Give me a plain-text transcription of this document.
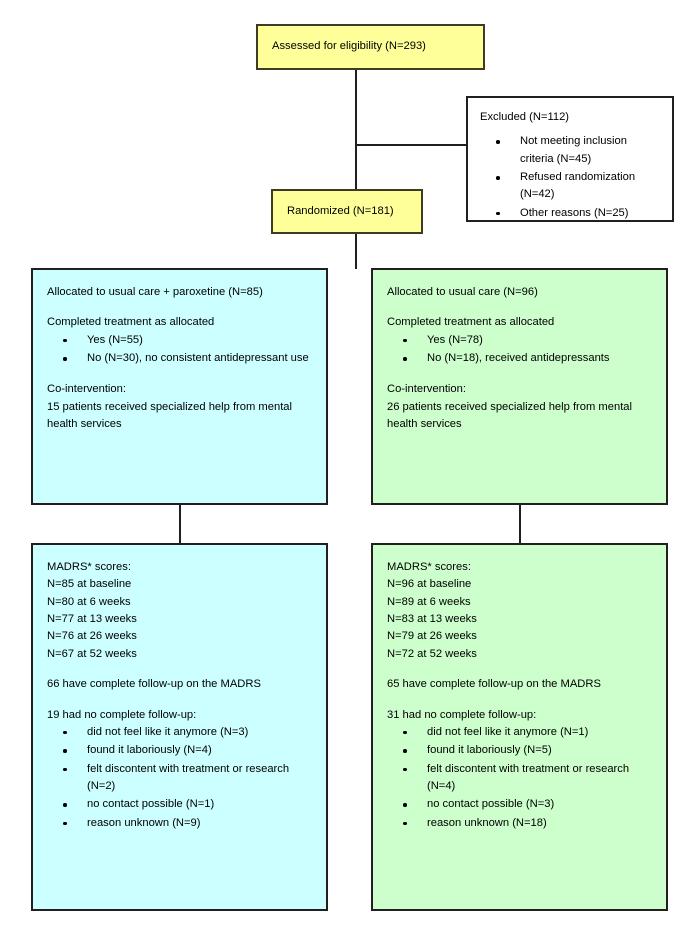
Assessed for eligibility (N=293)
Excluded (N=112)
Not meeting inclusion criteria (N=45)
Refused randomization (N=42)
Other reasons (N=25)
Randomized (N=181)
Allocated to usual care + paroxetine (N=85)
Completed treatment as allocated
Yes (N=55)
No (N=30), no consistent antidepressant use
Co-intervention:
15 patients received specialized help from mental health services
Allocated to usual care (N=96)
Completed treatment as allocated
Yes (N=78)
No (N=18), received antidepressants
Co-intervention:
26 patients received specialized help from mental health services
MADRS* scores:
N=85 at baseline
N=80 at 6 weeks
N=77 at 13 weeks
N=76 at 26 weeks
N=67 at 52 weeks
66 have complete follow-up on the MADRS
19 had no complete follow-up:
did not feel like it anymore (N=3)
found it laboriously (N=4)
felt discontent with treatment or research (N=2)
no contact possible (N=1)
reason unknown (N=9)
MADRS* scores:
N=96 at baseline
N=89 at 6 weeks
N=83 at 13 weeks
N=79 at 26 weeks
N=72 at 52 weeks
65 have complete follow-up on the MADRS
31 had no complete follow-up:
did not feel like it anymore (N=1)
found it laboriously (N=5)
felt discontent with treatment or research (N=4)
no contact possible (N=3)
reason unknown (N=18)
